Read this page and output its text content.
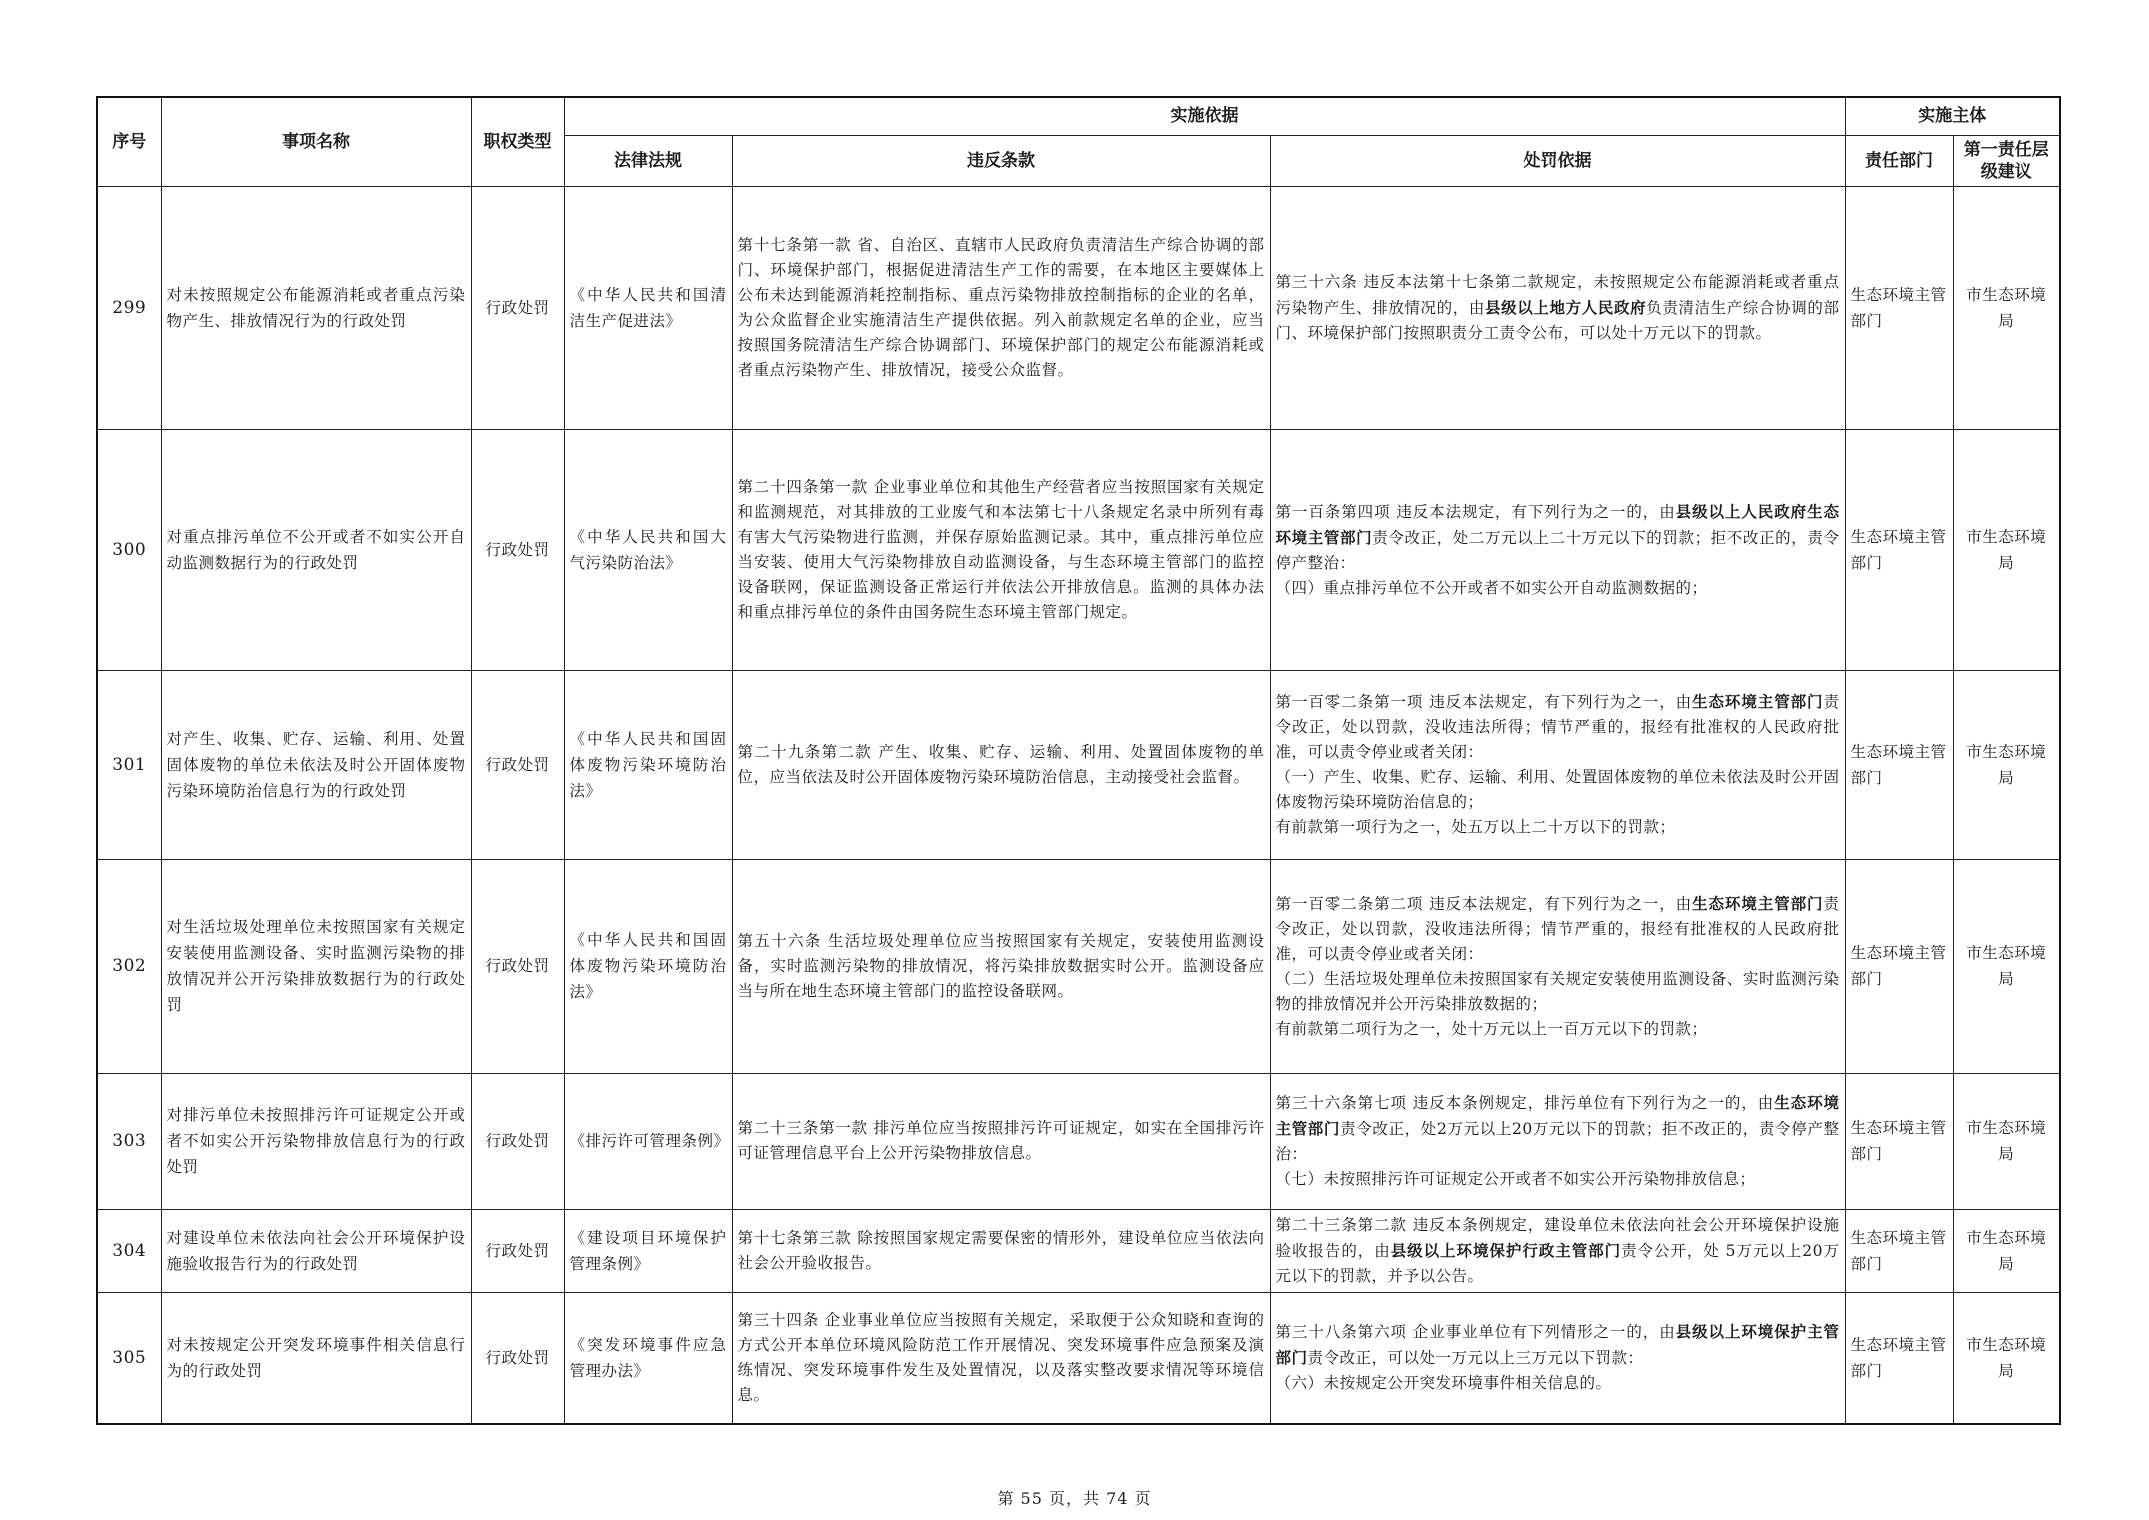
序号	事项名称	职权类型	实施依据			实施主体	
			法律法规	违反条款	处罚依据	责任部门	第一责任层级建议
299	对未按照规定公布能源消耗或者重点污染物产生、排放情况行为的行政处罚	行政处罚	《中华人民共和国清洁生产促进法》	第十七条第一款 省、自治区、直辖市人民政府负责清洁生产综合协调的部门、环境保护部门，根据促进清洁生产工作的需要，在本地区主要媒体上公布未达到能源消耗控制指标、重点污染物排放控制指标的企业的名单，为公众监督企业实施清洁生产提供依据。列入前款规定名单的企业，应当按照国务院清洁生产综合协调部门、环境保护部门的规定公布能源消耗或者重点污染物产生、排放情况，接受公众监督。	第三十六条 违反本法第十七条第二款规定，未按照规定公布能源消耗或者重点污染物产生、排放情况的，由县级以上地方人民政府负责清洁生产综合协调的部门、环境保护部门按照职责分工责令公布，可以处十万元以下的罚款。	生态环境主管部门	市生态环境局
300	对重点排污单位不公开或者不如实公开自动监测数据行为的行政处罚	行政处罚	《中华人民共和国大气污染防治法》	第二十四条第一款 企业事业单位和其他生产经营者应当按照国家有关规定和监测规范，对其排放的工业废气和本法第七十八条规定名录中所列有毒有害大气污染物进行监测，并保存原始监测记录。其中，重点排污单位应当安装、使用大气污染物排放自动监测设备，与生态环境主管部门的监控设备联网，保证监测设备正常运行并依法公开排放信息。监测的具体办法和重点排污单位的条件由国务院生态环境主管部门规定。	第一百条第四项 违反本法规定，有下列行为之一的，由县级以上人民政府生态环境主管部门责令改正，处二万元以上二十万元以下的罚款；拒不改正的，责令停产整治：
（四）重点排污单位不公开或者不如实公开自动监测数据的；	生态环境主管部门	市生态环境局
301	对产生、收集、贮存、运输、利用、处置固体废物的单位未依法及时公开固体废物污染环境防治信息行为的行政处罚	行政处罚	《中华人民共和国固体废物污染环境防治法》	第二十九条第二款 产生、收集、贮存、运输、利用、处置固体废物的单位，应当依法及时公开固体废物污染环境防治信息，主动接受社会监督。	第一百零二条第一项 违反本法规定，有下列行为之一，由生态环境主管部门责令改正，处以罚款，没收违法所得；情节严重的，报经有批准权的人民政府批准，可以责令停业或者关闭：
（一）产生、收集、贮存、运输、利用、处置固体废物的单位未依法及时公开固体废物污染环境防治信息的；
有前款第一项行为之一，处五万以上二十万以下的罚款；	生态环境主管部门	市生态环境局
302	对生活垃圾处理单位未按照国家有关规定安装使用监测设备、实时监测污染物的排放情况并公开污染排放数据行为的行政处罚	行政处罚	《中华人民共和国固体废物污染环境防治法》	第五十六条 生活垃圾处理单位应当按照国家有关规定，安装使用监测设备，实时监测污染物的排放情况，将污染排放数据实时公开。监测设备应当与所在地生态环境主管部门的监控设备联网。	第一百零二条第二项 违反本法规定，有下列行为之一，由生态环境主管部门责令改正，处以罚款，没收违法所得；情节严重的，报经有批准权的人民政府批准，可以责令停业或者关闭：
（二）生活垃圾处理单位未按照国家有关规定安装使用监测设备、实时监测污染物的排放情况并公开污染排放数据的；
有前款第二项行为之一，处十万元以上一百万元以下的罚款；	生态环境主管部门	市生态环境局
303	对排污单位未按照排污许可证规定公开或者不如实公开污染物排放信息行为的行政处罚	行政处罚	《排污许可管理条例》	第二十三条第一款 排污单位应当按照排污许可证规定，如实在全国排污许可证管理信息平台上公开污染物排放信息。	第三十六条第七项 违反本条例规定，排污单位有下列行为之一的，由生态环境主管部门责令改正，处2万元以上20万元以下的罚款；拒不改正的，责令停产整治：
（七）未按照排污许可证规定公开或者不如实公开污染物排放信息；	生态环境主管部门	市生态环境局
304	对建设单位未依法向社会公开环境保护设施验收报告行为的行政处罚	行政处罚	《建设项目环境保护管理条例》	第十七条第三款 除按照国家规定需要保密的情形外，建设单位应当依法向社会公开验收报告。	第二十三条第二款 违反本条例规定，建设单位未依法向社会公开环境保护设施验收报告的，由县级以上环境保护行政主管部门责令公开，处 5万元以上20万元以下的罚款，并予以公告。	生态环境主管部门	市生态环境局
305	对未按规定公开突发环境事件相关信息行为的行政处罚	行政处罚	《突发环境事件应急管理办法》	第三十四条 企业事业单位应当按照有关规定，采取便于公众知晓和查询的方式公开本单位环境风险防范工作开展情况、突发环境事件应急预案及演练情况、突发环境事件发生及处置情况，以及落实整改要求情况等环境信息。	第三十八条第六项 企业事业单位有下列情形之一的，由县级以上环境保护主管部门责令改正，可以处一万元以上三万元以下罚款：
（六）未按规定公开突发环境事件相关信息的。	生态环境主管部门	市生态环境局
第 55 页，共 74 页
